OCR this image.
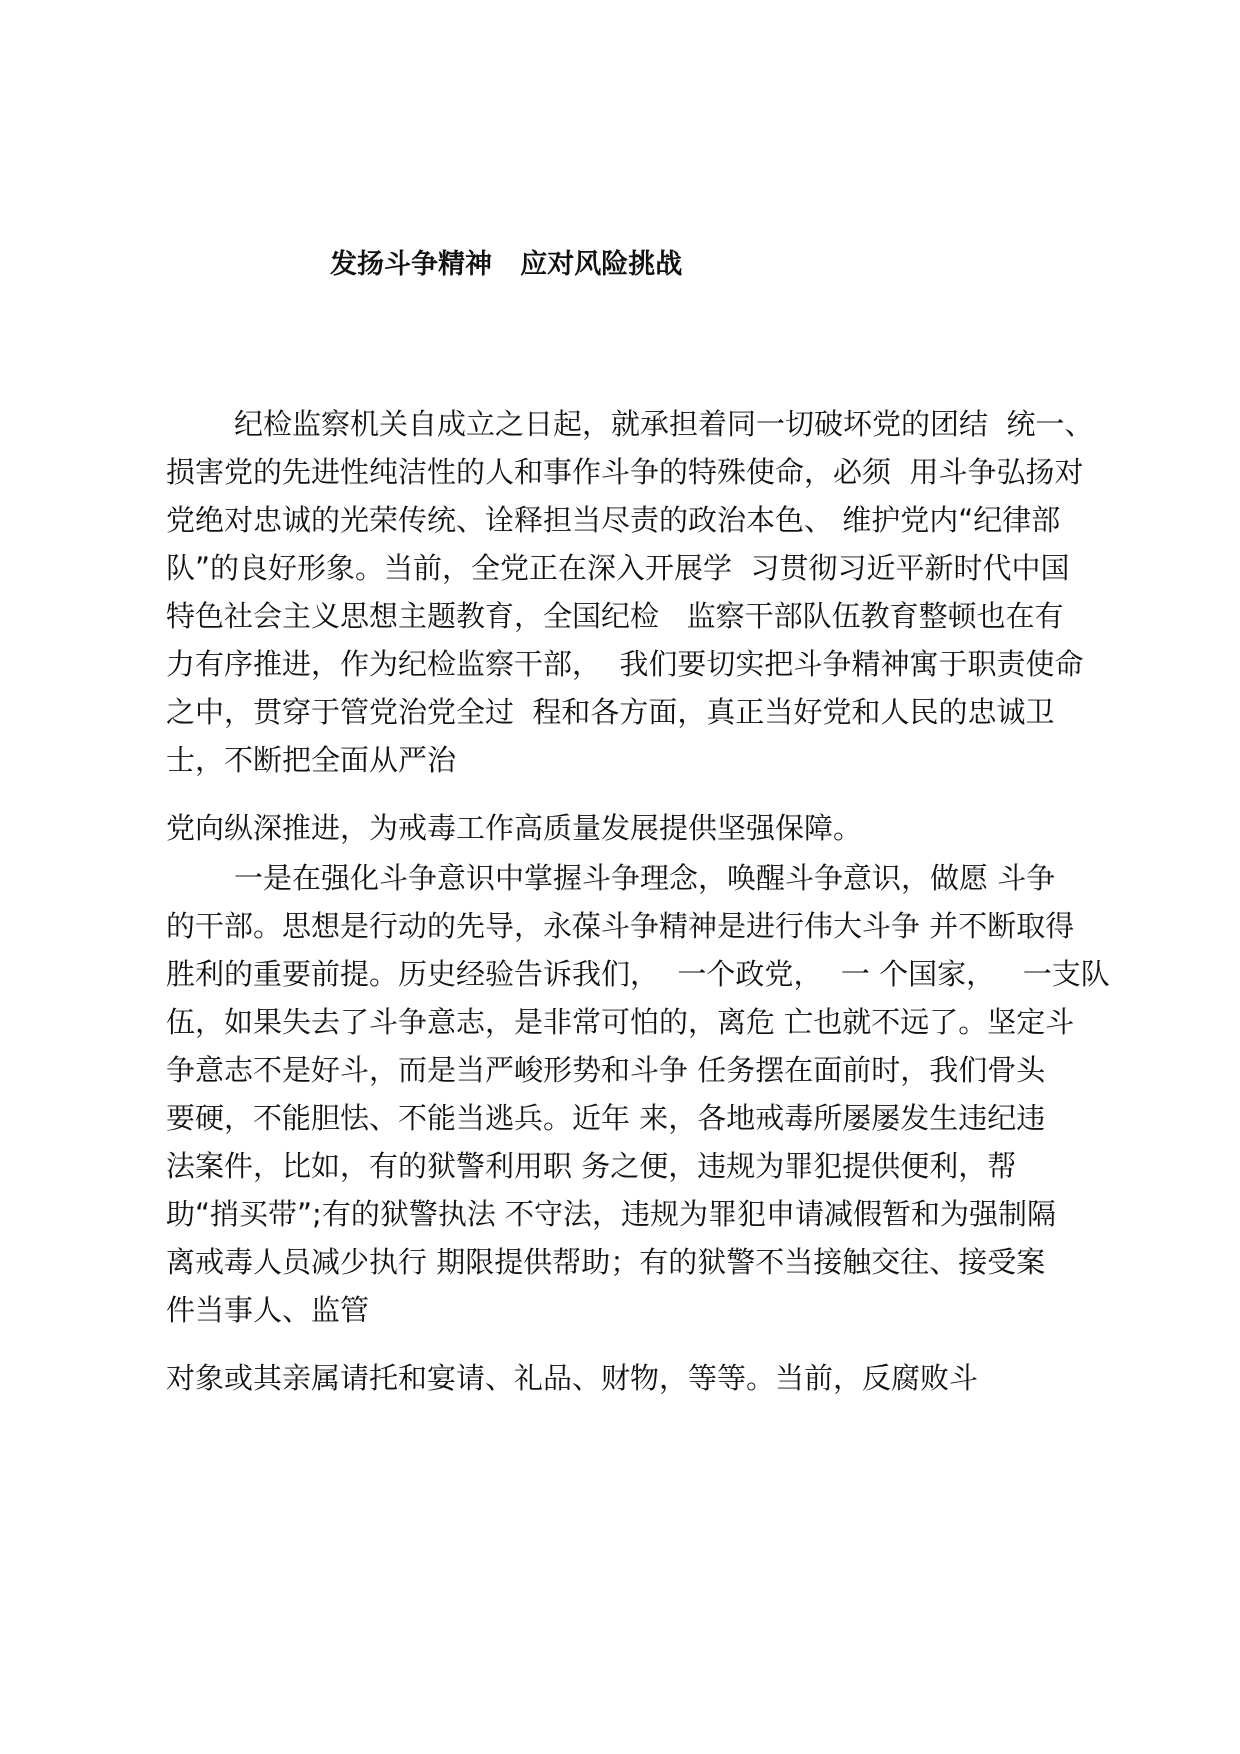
发扬斗争精神   应对风险挑战
纪检监察机关自成立之日起，就承担着同一切破坏党的团结  统一、
损害党的先进性纯洁性的人和事作斗争的特殊使命，必须  用斗争弘扬对
党绝对忠诚的光荣传统、诠释担当尽责的政治本色、 维护党内“纪律部
队”的良好形象。当前，全党正在深入开展学  习贯彻习近平新时代中国
特色社会主义思想主题教育，全国纪检   监察干部队伍教育整顿也在有
力有序推进，作为纪检监察干部，  我们要切实把斗争精神寓于职责使命
之中，贯穿于管党治党全过  程和各方面，真正当好党和人民的忠诚卫
士，不断把全面从严治
党向纵深推进，为戒毒工作高质量发展提供坚强保障。
一是在强化斗争意识中掌握斗争理念，唤醒斗争意识，做愿 斗争
的干部。思想是行动的先导，永葆斗争精神是进行伟大斗争 并不断取得
胜利的重要前提。历史经验告诉我们，  一个政党，  一 个国家，   一支队
伍，如果失去了斗争意志，是非常可怕的，离危 亡也就不远了。坚定斗
争意志不是好斗，而是当严峻形势和斗争 任务摆在面前时，我们骨头
要硬，不能胆怯、不能当逃兵。近年 来，各地戒毒所屡屡发生违纪违
法案件，比如，有的狱警利用职 务之便，违规为罪犯提供便利，帮
助“捎买带”;有的狱警执法 不守法，违规为罪犯申请减假暂和为强制隔
离戒毒人员减少执行 期限提供帮助；有的狱警不当接触交往、接受案
件当事人、监管
对象或其亲属请托和宴请、礼品、财物，等等。当前，反腐败斗
